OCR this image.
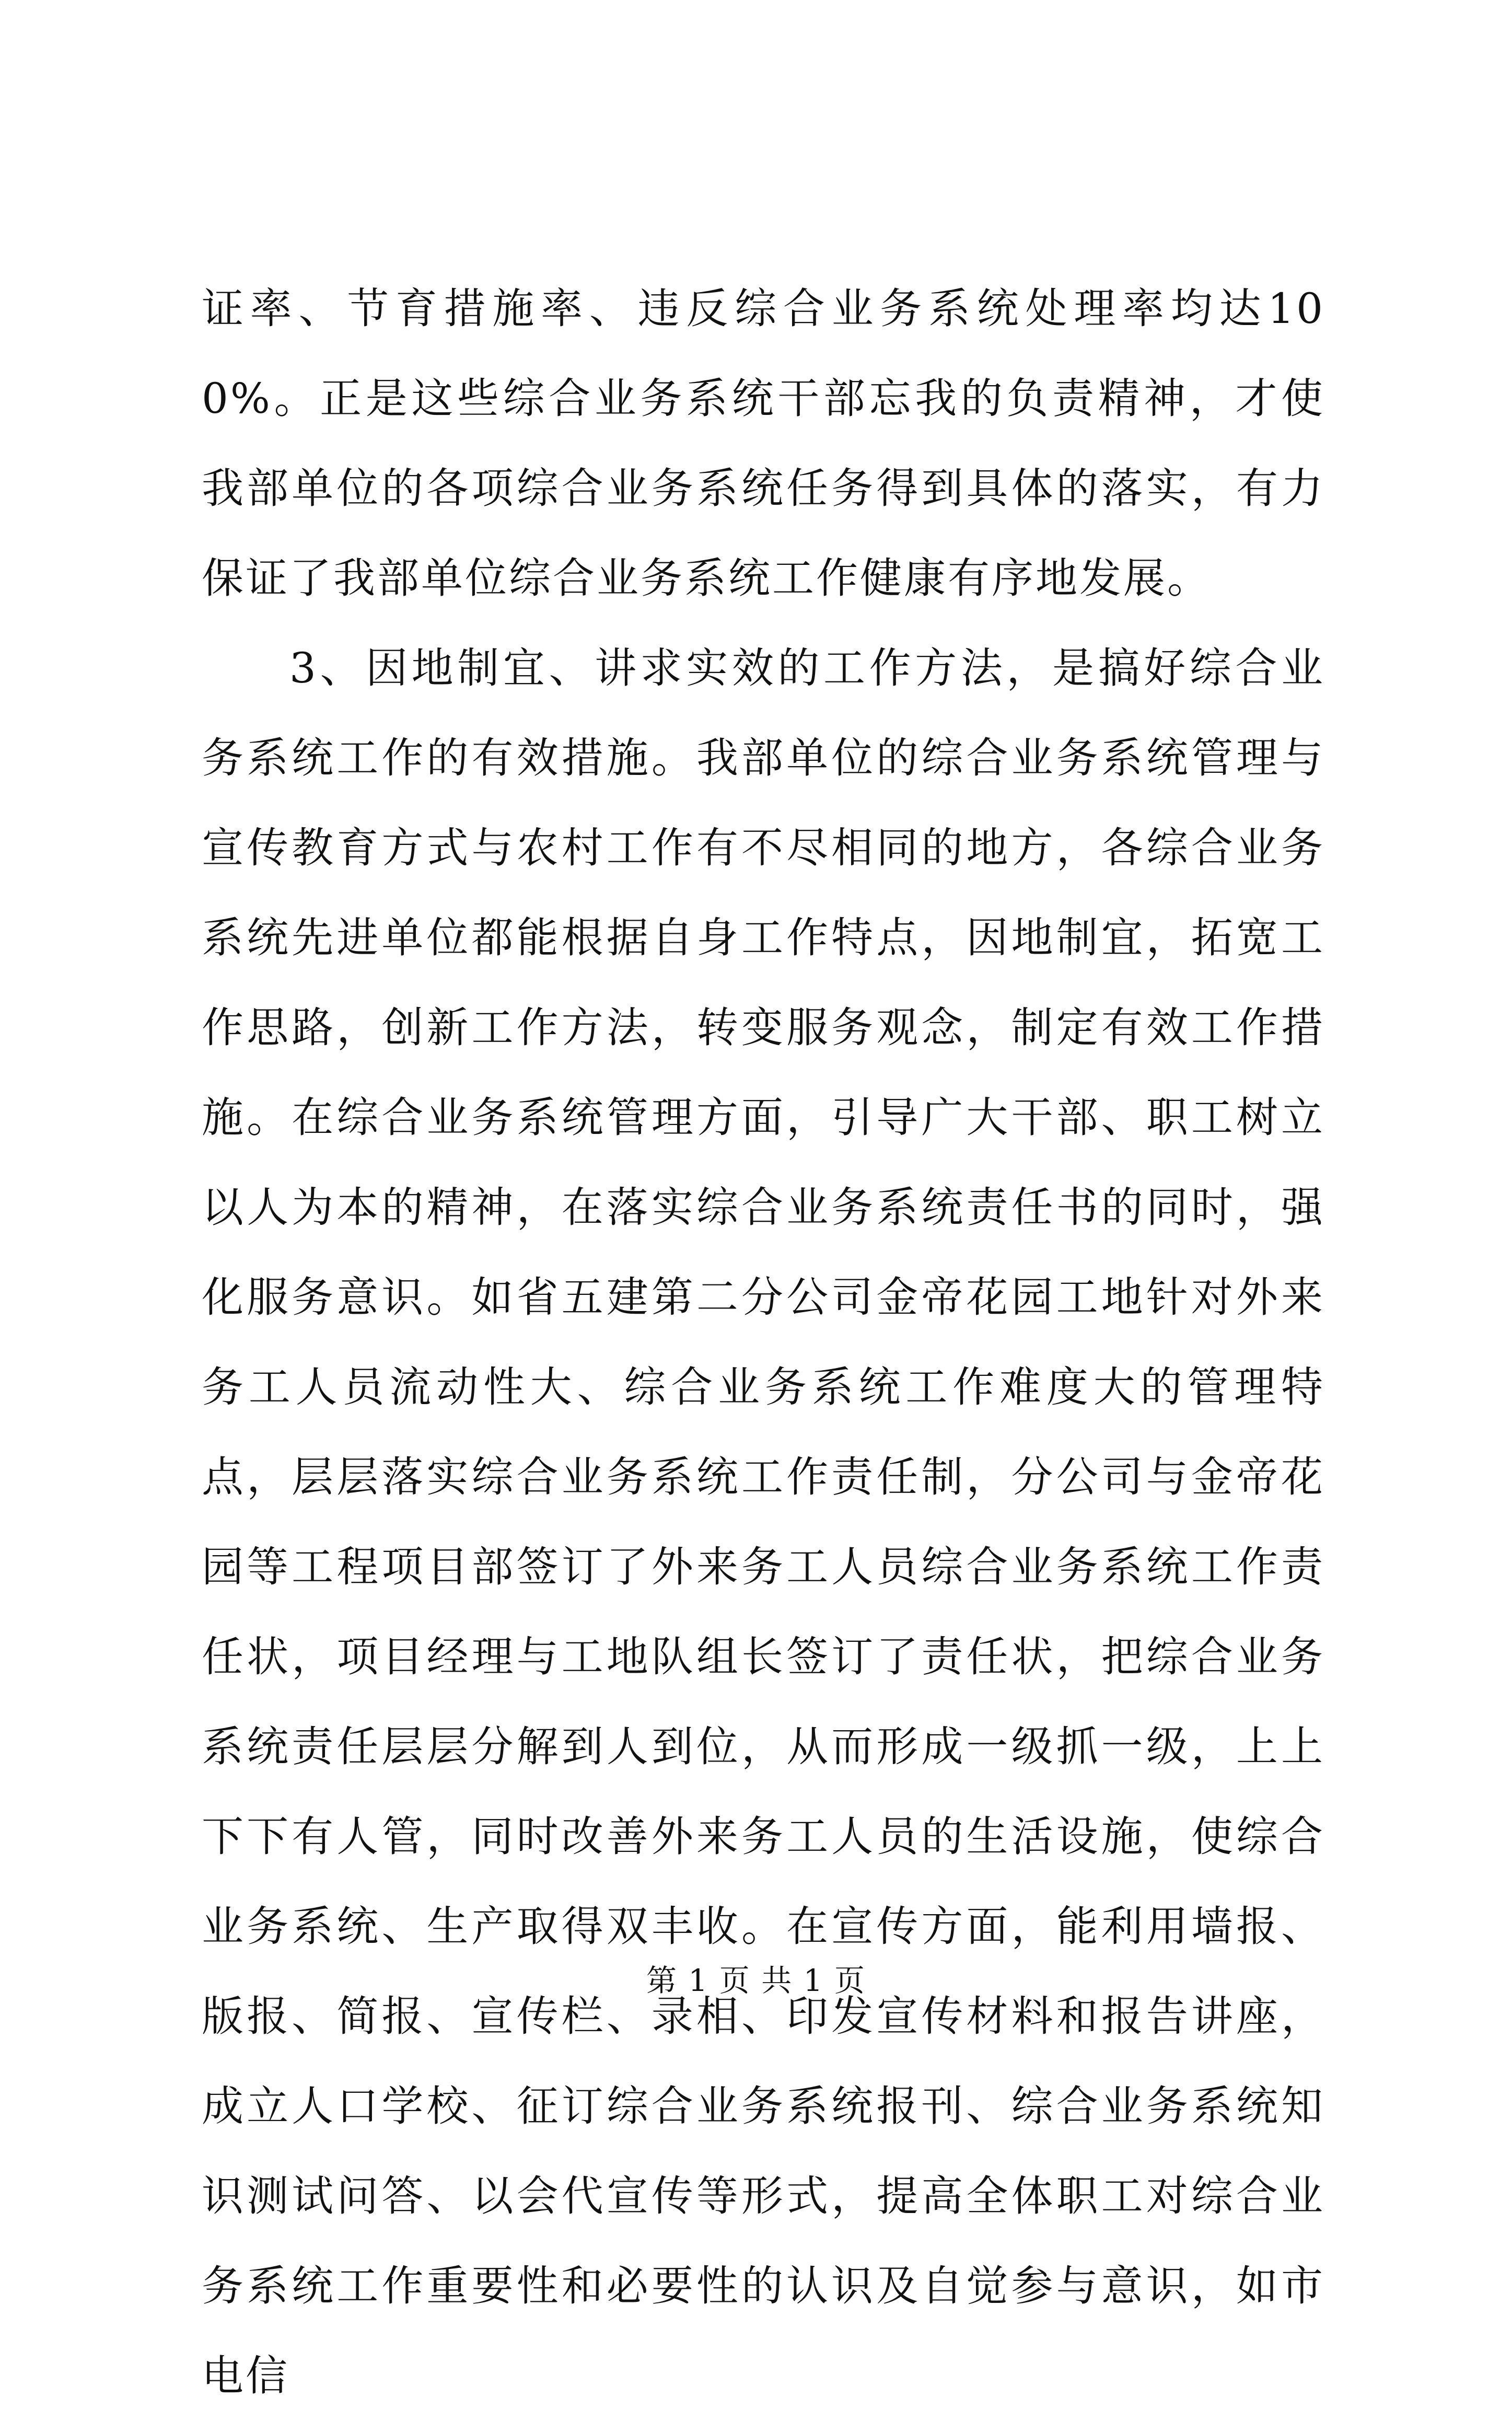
证率、节育措施率、违反综合业务系统处理率均达100%。正是这些综合业务系统干部忘我的负责精神，才使我部单位的各项综合业务系统任务得到具体的落实，有力保证了我部单位综合业务系统工作健康有序地发展。

3、因地制宜、讲求实效的工作方法，是搞好综合业务系统工作的有效措施。我部单位的综合业务系统管理与宣传教育方式与农村工作有不尽相同的地方，各综合业务系统先进单位都能根据自身工作特点，因地制宜，拓宽工作思路，创新工作方法，转变服务观念，制定有效工作措施。在综合业务系统管理方面，引导广大干部、职工树立以人为本的精神，在落实综合业务系统责任书的同时，强化服务意识。如省五建第二分公司金帝花园工地针对外来务工人员流动性大、综合业务系统工作难度大的管理特点，层层落实综合业务系统工作责任制，分公司与金帝花园等工程项目部签订了外来务工人员综合业务系统工作责任状，项目经理与工地队组长签订了责任状，把综合业务系统责任层层分解到人到位，从而形成一级抓一级，上上下下有人管，同时改善外来务工人员的生活设施，使综合业务系统、生产取得双丰收。在宣传方面，能利用墙报、版报、简报、宣传栏、录相、印发宣传材料和报告讲座，成立人口学校、征订综合业务系统报刊、综合业务系统知识测试问答、以会代宣传等形式，提高全体职工对综合业务系统工作重要性和必要性的认识及自觉参与意识，如市电信

第 1 页 共 1 页
